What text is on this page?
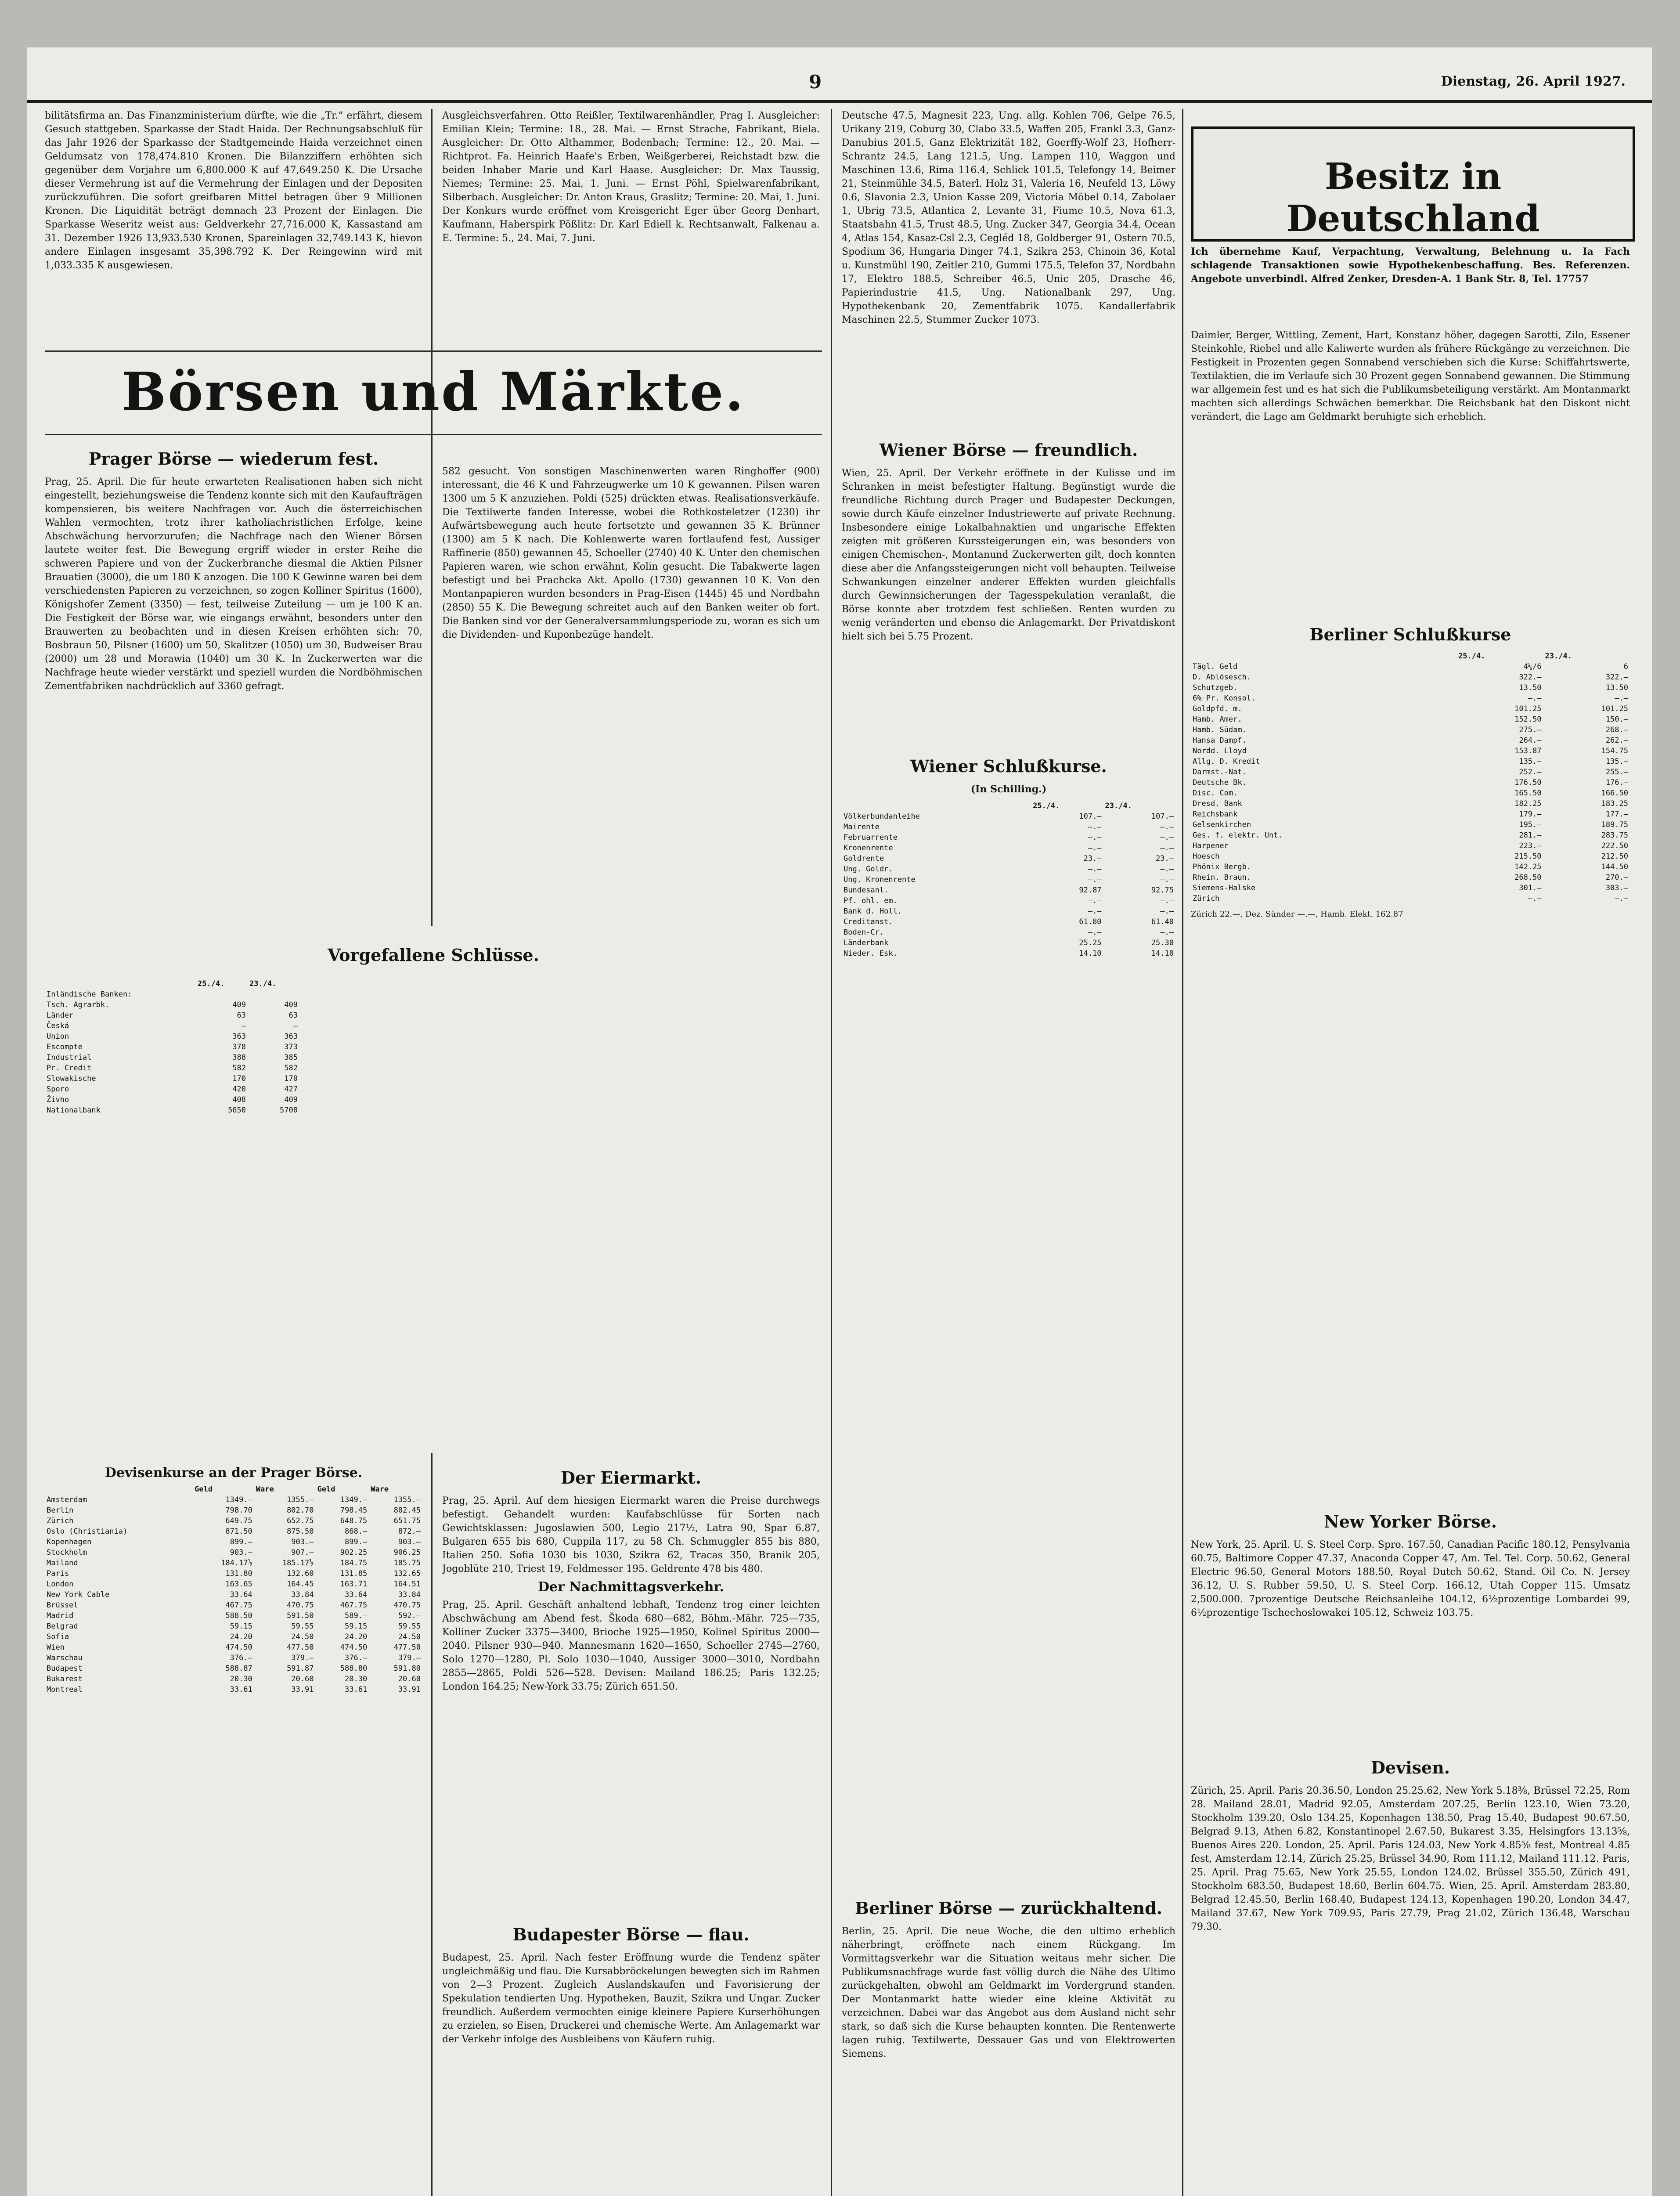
9	Dienstag, 26. April 1927.
bilitätsfirma an. Das Finanzministerium dürfte, wie die „Tr.“ erfährt, diesem Gesuch stattgeben. Sparkasse der Stadt Haida. Der Rechnungsabschluß für das Jahr 1926 der Sparkasse der Stadtgemeinde Haida verzeichnet einen Geldumsatz von 178,474.810 Kronen. Die Bilanzziffern erhöhten sich gegenüber dem Vorjahre um 6,800.000 K auf 47,649.250 K. Die Ursache dieser Vermehrung ist auf die Vermehrung der Einlagen und der Depositen zurückzuführen. Die sofort greifbaren Mittel betragen über 9 Millionen Kronen. Die Liquidität beträgt demnach 23 Prozent der Einlagen. Die Sparkasse Weseritz weist aus: Geldverkehr 27,716.000 K, Kassastand am 31. Dezember 1926 13,933.530 Kronen, Spareinlagen 32,749.143 K, hievon andere Einlagen insgesamt 35,398.792 K. Der Reingewinn wird mit 1,033.335 K ausgewiesen.
Ausgleichsverfahren. Otto Reißler, Textilwarenhändler, Prag I. Ausgleicher: Emilian Klein; Termine: 18., 28. Mai. — Ernst Strache, Fabrikant, Biela. Ausgleicher: Dr. Otto Althammer, Bodenbach; Termine: 12., 20. Mai. — Richtprot. Fa. Heinrich Haafe's Erben, Weißgerberei, Reichstadt bzw. die beiden Inhaber Marie und Karl Haase. Ausgleicher: Dr. Max Taussig, Niemes; Termine: 25. Mai, 1. Juni. — Ernst Pöhl, Spielwarenfabrikant, Silberbach. Ausgleicher: Dr. Anton Kraus, Graslitz; Termine: 20. Mai, 1. Juni. Der Konkurs wurde eröffnet vom Kreisgericht Eger über Georg Denhart, Kaufmann, Haberspirk Pößlitz: Dr. Karl Ediell k. Rechtsanwalt, Falkenau a. E. Termine: 5., 24. Mai, 7. Juni.
Deutsche 47.5, Magnesit 223, Ung. allg. Kohlen 706, Gelpe 76.5, Urikany 219, Coburg 30, Clabo 33.5, Waffen 205, Frankl 3.3, Ganz-Danubius 201.5, Ganz Elektrizität 182, Goerffy-Wolf 23, Hofherr-Schrantz 24.5, Lang 121.5, Ung. Lampen 110, Waggon und Maschinen 13.6, Rima 116.4, Schlick 101.5, Telefongy 14, Beimer 21, Steinmühle 34.5, Baterl. Holz 31, Valeria 16, Neufeld 13, Löwy 0.6, Slavonia 2.3, Union Kasse 209, Victoria Möbel 0.14, Zabolaer 1, Ubrig 73.5, Atlantica 2, Levante 31, Fiume 10.5, Nova 61.3, Staatsbahn 41.5, Trust 48.5, Ung. Zucker 347, Georgia 34.4, Ocean 4, Atlas 154, Kasaz-Csl 2.3, Cegléd 18, Goldberger 91, Ostern 70.5, Spodium 36, Hungaria Dinger 74.1, Szikra 253, Chinoin 36, Kotal u. Kunstmühl 190, Zeitler 210, Gummi 175.5, Telefon 37, Nordbahn 17, Elektro 188.5, Schreiber 46.5, Unic 205, Drasche 46, Papierindustrie 41.5, Ung. Nationalbank 297, Ung. Hypothekenbank 20, Zementfabrik 1075. Kandallerfabrik Maschinen 22.5, Stummer Zucker 1073.
Besitz in Deutschland
Ich übernehme Kauf, Verpachtung, Verwaltung, Belehnung u. Ia Fach schlagende Transaktionen sowie Hypothekenbeschaffung. Bes. Referenzen. Angebote unverbindl. Alfred Zenker, Dresden-A. 1 Bank Str. 8, Tel. 17757
Börsen und Märkte.
Prager Börse — wiederum fest.

Prag, 25. April. Die für heute erwarteten Realisationen haben sich nicht eingestellt, beziehungsweise die Tendenz konnte sich mit den Kaufaufträgen kompensieren, bis weitere Nachfragen vor. Auch die österreichischen Wahlen vermochten, trotz ihrer katholiachristlichen Erfolge, keine Abschwächung hervorzurufen; die Nachfrage nach den Wiener Börsen lautete weiter fest. Die Bewegung ergriff wieder in erster Reihe die schweren Papiere und von der Zuckerbranche diesmal die Aktien Pilsner Brauatien (3000), die um 180 K anzogen. Die 100 K Gewinne waren bei dem verschiedensten Papieren zu verzeichnen, so zogen Kolliner Spiritus (1600), Königshofer Zement (3350) — fest, teilweise Zuteilung — um je 100 K an. Die Festigkeit der Börse war, wie eingangs erwähnt, besonders unter den Brauwerten zu beobachten und in diesen Kreisen erhöhten sich: 70, Bosbraun 50, Pilsner (1600) um 50, Skalitzer (1050) um 30, Budweiser Brau (2000) um 28 und Morawia (1040) um 30 K. In Zuckerwerten war die Nachfrage heute wieder verstärkt und speziell wurden die Nordböhmischen Zementfabriken nachdrücklich auf 3360 gefragt.

582 gesucht. Von sonstigen Maschinenwerten waren Ringhoffer (900) interessant, die 46 K und Fahrzeugwerke um 10 K gewannen. Pilsen waren 1300 um 5 K anzuziehen. Poldi (525) drückten etwas. Realisationsverkäufe. Die Textilwerte fanden Interesse, wobei die Rothkosteletzer (1230) ihr Aufwärtsbewegung auch heute fortsetzte und gewannen 35 K. Brünner (1300) am 5 K nach. Die Kohlenwerte waren fortlaufend fest, Aussiger Raffinerie (850) gewannen 45, Schoeller (2740) 40 K. Unter den chemischen Papieren waren, wie schon erwähnt, Kolin gesucht. Die Tabakwerte lagen befestigt und bei Prachcka Akt. Apollo (1730) gewannen 10 K. Von den Montanpapieren wurden besonders in Prag-Eisen (1445) 45 und Nordbahn (2850) 55 K. Die Bewegung schreitet auch auf den Banken weiter ob fort. Die Banken sind vor der Generalversammlungsperiode zu, woran es sich um die Dividenden- und Kuponbezüge handelt.
Vorgefallene Schlüsse.
	25./4.	23./4.
Inländische Banken:		
Tsch. Agrarbk.	409	409
Länder	63	63
Česká	—	—
Union	363	363
Escompte	378	373
Industrial	388	385
Pr. Credit	582	582
Slowakische	170	170
Sporo	420	427
Živno	408	409
Nationalbank	5650	5700
Der Eiermarkt.

Prag, 25. April. Auf dem hiesigen Eiermarkt waren die Preise durchwegs befestigt. Gehandelt wurden: Kaufabschlüsse für Sorten nach Gewichtsklassen: Jugoslawien 500, Legio 217½, Latra 90, Spar 6.87, Bulgaren 655 bis 680, Cuppila 117, zu 58 Ch. Schmuggler 855 bis 880, Italien 250. Sofia 1030 bis 1030, Szikra 62, Tracas 350, Branik 205, Jogoblüte 210, Triest 19, Feldmesser 195. Geldrente 478 bis 480.

Der Nachmittagsverkehr.

Prag, 25. April. Geschäft anhaltend lebhaft, Tendenz trog einer leichten Abschwächung am Abend fest. Škoda 680—682, Böhm.-Mähr. 725—735, Kolliner Zucker 3375—3400, Brioche 1925—1950, Kolinel Spiritus 2000—2040. Pilsner 930—940. Mannesmann 1620—1650, Schoeller 2745—2760, Solo 1270—1280, Pl. Solo 1030—1040, Aussiger 3000—3010, Nordbahn 2855—2865, Poldi 526—528. Devisen: Mailand 186.25; Paris 132.25; London 164.25; New-York 33.75; Zürich 651.50.

Budapester Börse — flau.

Budapest, 25. April. Nach fester Eröffnung wurde die Tendenz später ungleichmäßig und flau. Die Kursabbröckelungen bewegten sich im Rahmen von 2—3 Prozent. Zugleich Auslandskaufen und Favorisierung der Spekulation tendierten Ung. Hypotheken, Bauzit, Szikra und Ungar. Zucker freundlich. Außerdem vermochten einige kleinere Papiere Kurserhöhungen zu erzielen, so Eisen, Druckerei und chemische Werte. Am Anlagemarkt war der Verkehr infolge des Ausbleibens von Käufern ruhig.

Devisenkurse an der Prager Börse.
	Geld	Ware	Geld	Ware
Amsterdam	1349.—	1355.—	1349.—	1355.—
Berlin	798.70	802.70	798.45	802.45
Zürich	649.75	652.75	648.75	651.75
Oslo (Christiania)	871.50	875.50	868.—	872.—
Kopenhagen	899.—	903.—	899.—	903.—
Stockholm	903.—	907.—	902.25	906.25
Mailand	184.17½	185.17½	184.75	185.75
Paris	131.80	132.60	131.85	132.65
London	163.65	164.45	163.71	164.51
New York Cable	33.64	33.84	33.64	33.84
Brüssel	467.75	470.75	467.75	470.75
Madrid	588.50	591.50	589.—	592.—
Belgrad	59.15	59.55	59.15	59.55
Sofia	24.20	24.50	24.20	24.50
Wien	474.50	477.50	474.50	477.50
Warschau	376.—	379.—	376.—	379.—
Budapest	588.87	591.87	588.80	591.80
Bukarest	20.30	20.60	20.30	20.60
Montreal	33.61	33.91	33.61	33.91
Wiener Börse — freundlich.

Wien, 25. April. Der Verkehr eröffnete in der Kulisse und im Schranken in meist befestigter Haltung. Begünstigt wurde die freundliche Richtung durch Prager und Budapester Deckungen, sowie durch Käufe einzelner Industriewerte auf private Rechnung. Insbesondere einige Lokalbahnaktien und ungarische Effekten zeigten mit größeren Kurssteigerungen ein, was besonders von einigen Chemischen-, Montanund Zuckerwerten gilt, doch konnten diese aber die Anfangssteigerungen nicht voll behaupten. Teilweise Schwankungen einzelner anderer Effekten wurden gleichfalls durch Gewinnsicherungen der Tagesspekulation veranlaßt, die Börse konnte aber trotzdem fest schließen. Renten wurden zu wenig veränderten und ebenso die Anlagemarkt. Der Privatdiskont hielt sich bei 5.75 Prozent.

Wiener Schlußkurse.
(In Schilling.)
	25./4.	23./4.
Völkerbundanleihe	107.—	107.—
Mairente	—.—	—.—
Februarrente	—.—	—.—
Kronenrente	—.—	—.—
Goldrente	23.—	23.—
Ung. Goldr.	—.—	—.—
Ung. Kronenrente	—.—	—.—
Bundesanl.	92.87	92.75
Pf. ohl. em.	—.—	—.—
Bank d. Holl.	—.—	—.—
Creditanst.	61.80	61.40
Boden-Cr.	—.—	—.—
Länderbank	25.25	25.30
Nieder. Esk.	14.10	14.10
Berliner Börse — zurückhaltend.

Berlin, 25. April. Die neue Woche, die den ultimo erheblich näherbringt, eröffnete nach einem Rückgang. Im Vormittagsverkehr war die Situation weitaus mehr sicher. Die Publikumsnachfrage wurde fast völlig durch die Nähe des Ultimo zurückgehalten, obwohl am Geldmarkt im Vordergrund standen. Der Montanmarkt hatte wieder eine kleine Aktivität zu verzeichnen. Dabei war das Angebot aus dem Ausland nicht sehr stark, so daß sich die Kurse behaupten konnten. Die Rentenwerte lagen ruhig. Textilwerte, Dessauer Gas und von Elektrowerten Siemens.

Daimler, Berger, Wittling, Zement, Hart, Konstanz höher, dagegen Sarotti, Zilo, Essener Steinkohle, Riebel und alle Kaliwerte wurden als frühere Rückgänge zu verzeichnen. Die Festigkeit in Prozenten gegen Sonnabend verschieben sich die Kurse: Schiffahrtswerte, Textilaktien, die im Verlaufe sich 30 Prozent gegen Sonnabend gewannen. Die Stimmung war allgemein fest und es hat sich die Publikumsbeteiligung verstärkt. Am Montanmarkt machten sich allerdings Schwächen bemerkbar. Die Reichsbank hat den Diskont nicht verändert, die Lage am Geldmarkt beruhigte sich erheblich.
Berliner Schlußkurse
	25./4.	23./4.
Tägl. Geld	4⅝/6	6
D. Ablösesch.	322.—	322.—
Schutzgeb.	13.50	13.50
6% Pr. Konsol.	—.—	—.—
Goldpfd. m.	101.25	101.25
Hamb. Amer.	152.50	150.—
Hamb. Südam.	275.—	268.—
Hansa Dampf.	264.—	262.—
Nordd. Lloyd	153.87	154.75
Allg. D. Kredit	135.—	135.—
Darmst.-Nat.	252.—	255.—
Deutsche Bk.	176.50	176.—
Disc. Com.	165.50	166.50
Dresd. Bank	182.25	183.25
Reichsbank	179.—	177.—
Gelsenkirchen	195.—	189.75
Ges. f. elektr. Unt.	281.—	283.75
Harpener	223.—	222.50
Hoesch	215.50	212.50
Phönix Bergb.	142.25	144.50
Rhein. Braun.	268.50	270.—
Siemens-Halske	301.—	303.—
Zürich	—.—	—.—
Zürich 22.—, Dez. Sünder —.—, Hamb. Elekt. 162.87
New Yorker Börse.

New York, 25. April. U. S. Steel Corp. Spro. 167.50, Canadian Pacific 180.12, Pensylvania 60.75, Baltimore Copper 47.37, Anaconda Copper 47, Am. Tel. Tel. Corp. 50.62, General Electric 96.50, General Motors 188.50, Royal Dutch 50.62, Stand. Oil Co. N. Jersey 36.12, U. S. Rubber 59.50, U. S. Steel Corp. 166.12, Utah Copper 115. Umsatz 2,500.000. 7prozentige Deutsche Reichsanleihe 104.12, 6½prozentige Lombardei 99, 6½prozentige Tschechoslowakei 105.12, Schweiz 103.75.

Devisen.

Zürich, 25. April. Paris 20.36.50, London 25.25.62, New York 5.18⅜, Brüssel 72.25, Rom 28. Mailand 28.01, Madrid 92.05, Amsterdam 207.25, Berlin 123.10, Wien 73.20, Stockholm 139.20, Oslo 134.25, Kopenhagen 138.50, Prag 15.40, Budapest 90.67.50, Belgrad 9.13, Athen 6.82, Konstantinopel 2.67.50, Bukarest 3.35, Helsingfors 13.13⅝, Buenos Aires 220. London, 25. April. Paris 124.03, New York 4.85⅝ fest, Montreal 4.85 fest, Amsterdam 12.14, Zürich 25.25, Brüssel 34.90, Rom 111.12, Mailand 111.12. Paris, 25. April. Prag 75.65, New York 25.55, London 124.02, Brüssel 355.50, Zürich 491, Stockholm 683.50, Budapest 18.60, Berlin 604.75. Wien, 25. April. Amsterdam 283.80, Belgrad 12.45.50, Berlin 168.40, Budapest 124.13, Kopenhagen 190.20, London 34.47, Mailand 37.67, New York 709.95, Paris 27.79, Prag 21.02, Zürich 136.48, Warschau 79.30.
